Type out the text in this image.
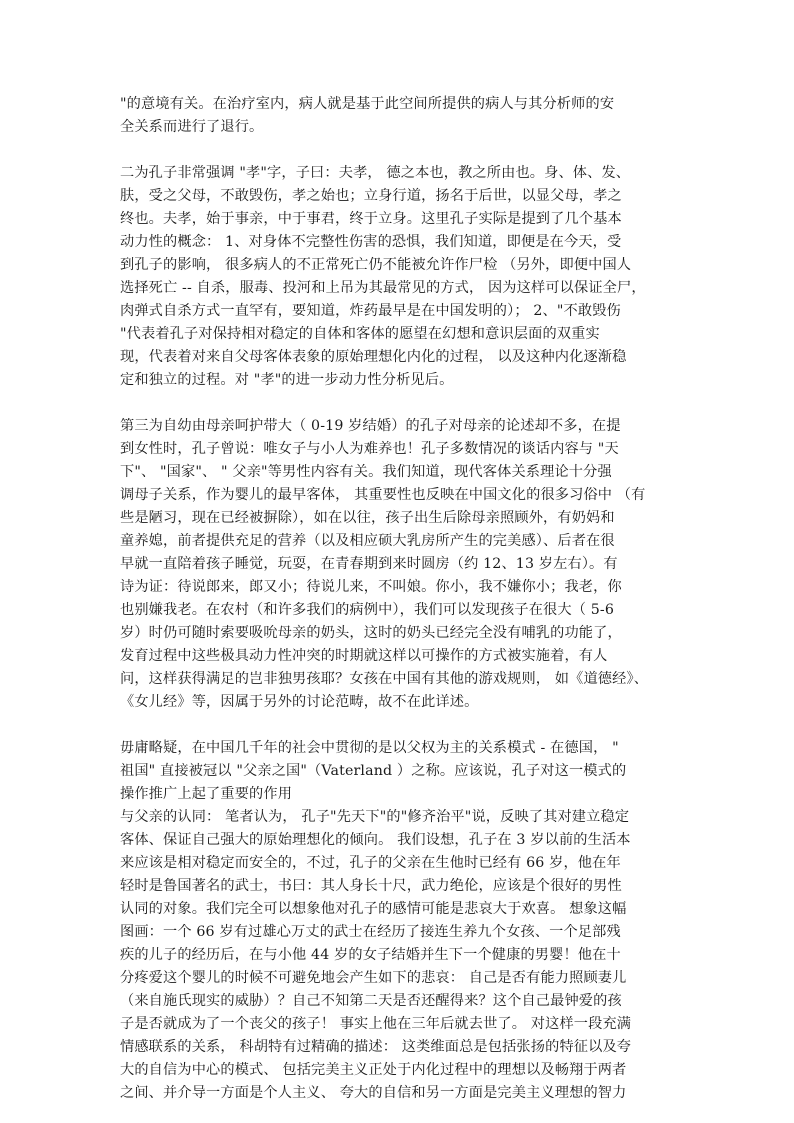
"的意境有关。在治疗室内，病人就是基于此空间所提供的病人与其分析师的安
全关系而进行了退行。
二为孔子非常强调 "孝"字，子曰：夫孝， 德之本也，教之所由也。身、体、发、
肤，受之父母，不敢毁伤，孝之始也；立身行道，扬名于后世，以显父母，孝之
终也。夫孝，始于事亲，中于事君，终于立身。这里孔子实际是提到了几个基本
动力性的概念： 1、对身体不完整性伤害的恐惧，我们知道，即便是在今天，受
到孔子的影响， 很多病人的不正常死亡仍不能被允许作尸检 （另外，即便中国人
选择死亡 -- 自杀，服毒、投河和上吊为其最常见的方式， 因为这样可以保证全尸，
肉弹式自杀方式一直罕有，要知道，炸药最早是在中国发明的）； 2、"不敢毁伤
"代表着孔子对保持相对稳定的自体和客体的愿望在幻想和意识层面的双重实
现，代表着对来自父母客体表象的原始理想化内化的过程， 以及这种内化逐渐稳
定和独立的过程。对 "孝"的进一步动力性分析见后。
第三为自幼由母亲呵护带大（ 0-19 岁结婚）的孔子对母亲的论述却不多，在提
到女性时，孔子曾说：唯女子与小人为难养也！孔子多数情况的谈话内容与 "天
下"、 "国家"、 " 父亲"等男性内容有关。我们知道，现代客体关系理论十分强
调母子关系，作为婴儿的最早客体， 其重要性也反映在中国文化的很多习俗中 （有
些是陋习，现在已经被摒除），如在以往，孩子出生后除母亲照顾外，有奶妈和
童养媳，前者提供充足的营养（以及相应硕大乳房所产生的完美感）、后者在很
早就一直陪着孩子睡觉，玩耍，在青春期到来时圆房（约 12、13 岁左右）。有
诗为证：待说郎来，郎又小；待说儿来，不叫娘。你小，我不嫌你小；我老，你
也别嫌我老。在农村（和许多我们的病例中），我们可以发现孩子在很大（ 5-6
岁）时仍可随时索要吸吮母亲的奶头，这时的奶头已经完全没有哺乳的功能了，
发育过程中这些极具动力性冲突的时期就这样以可操作的方式被实施着，有人
问，这样获得满足的岂非独男孩耶？女孩在中国有其他的游戏规则， 如《道德经》、
《女儿经》等，因属于另外的讨论范畴，故不在此详述。
毋庸略疑，在中国几千年的社会中贯彻的是以父权为主的关系模式 - 在德国， "
祖国" 直接被冠以 "父亲之国"（Vaterland ）之称。应该说，孔子对这一模式的
操作推广上起了重要的作用
与父亲的认同： 笔者认为， 孔子"先天下"的"修齐治平"说，反映了其对建立稳定
客体、保证自己强大的原始理想化的倾向。 我们设想，孔子在 3 岁以前的生活本
来应该是相对稳定而安全的，不过，孔子的父亲在生他时已经有 66 岁，他在年
轻时是鲁国著名的武士，书曰：其人身长十尺，武力绝伦，应该是个很好的男性
认同的对象。我们完全可以想象他对孔子的感情可能是悲哀大于欢喜。 想象这幅
图画：一个 66 岁有过雄心万丈的武士在经历了接连生养九个女孩、一个足部残
疾的儿子的经历后，在与小他 44 岁的女子结婚并生下一个健康的男婴！他在十
分疼爱这个婴儿的时候不可避免地会产生如下的悲哀： 自己是否有能力照顾妻儿
（来自施氏现实的威胁）？自己不知第二天是否还醒得来？这个自己最钟爱的孩
子是否就成为了一个丧父的孩子！ 事实上他在三年后就去世了。 对这样一段充满
情感联系的关系， 科胡特有过精确的描述： 这类维面总是包括张扬的特征以及夸
大的自信为中心的模式、 包括完美主义正处于内化过程中的理想以及畅翔于两者
之间、并介导一方面是个人主义、 夸大的自信和另一方面是完美主义理想的智力
